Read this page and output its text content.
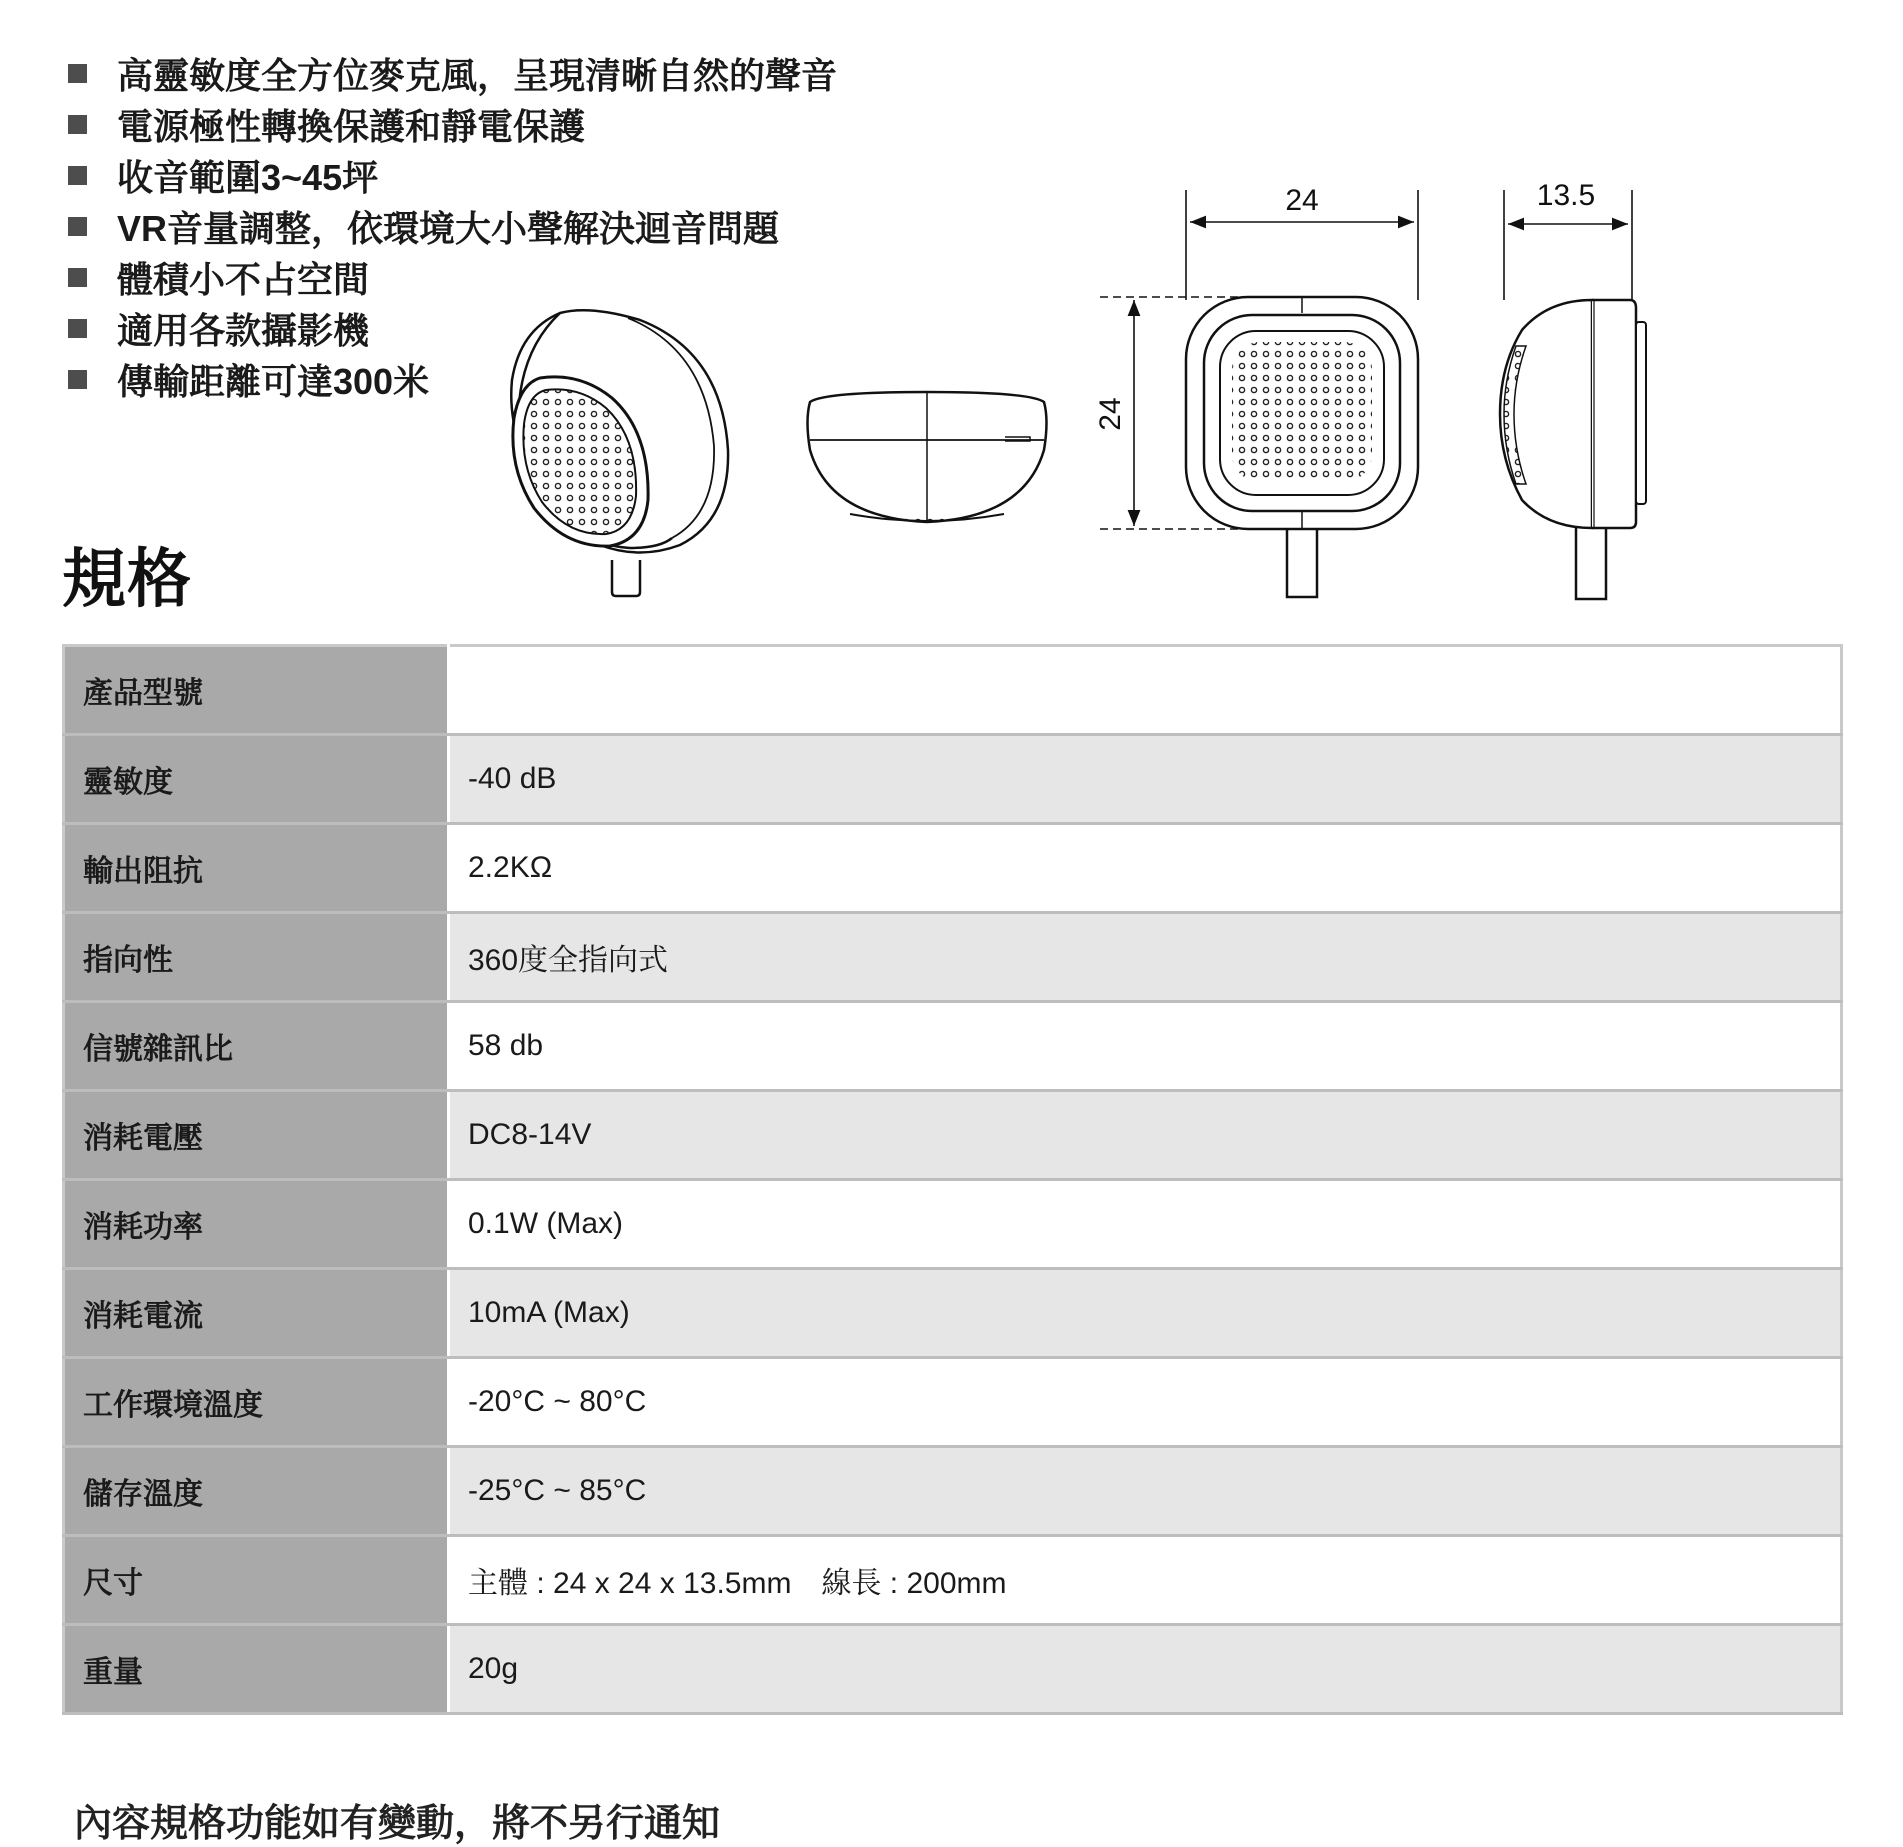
高靈敏度全方位麥克風，呈現清晰自然的聲音
電源極性轉換保護和靜電保護
收音範圍3~45坪
VR音量調整，依環境大小聲解決迴音問題
體積小不占空間
適用各款攝影機
傳輸距離可達300米
24	13.5
24
規格
產品型號	HS-H019Y0
靈敏度	-40 dB
輸出阻抗	2.2KΩ
指向性	360度全指向式
信號雜訊比	58 db
消耗電壓	DC8-14V
消耗功率	0.1W (Max)
消耗電流	10mA (Max)
工作環境溫度	-20°C ~ 80°C
儲存溫度	-25°C ~ 85°C
尺寸	主體 : 24 x 24 x 13.5mm　線長 : 200mm
重量	20g
內容規格功能如有變動，將不另行通知
